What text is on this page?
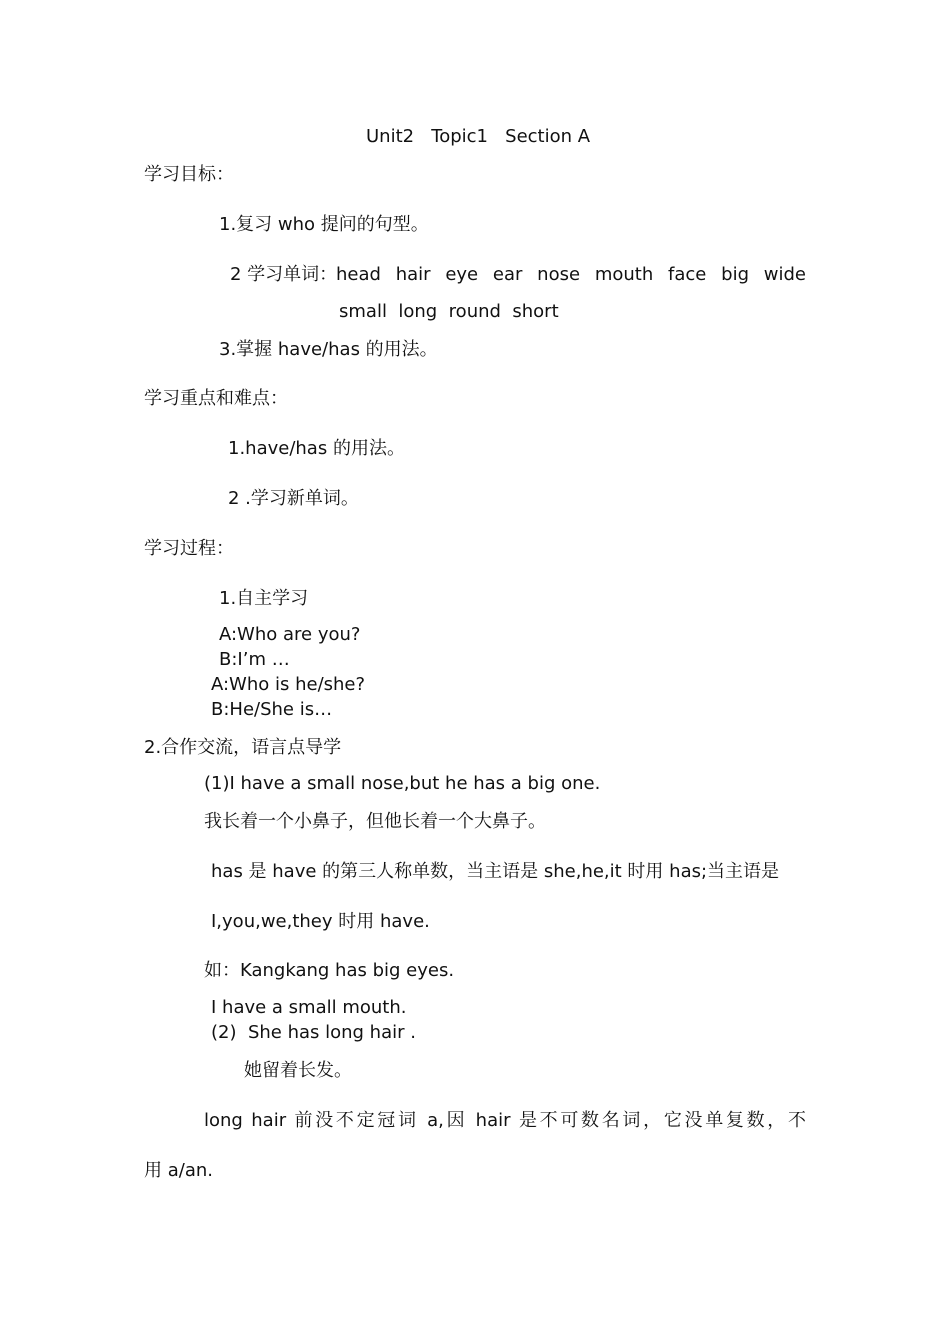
Unit2   Topic1   Section A
学习目标：
1.复习 who 提问的句型。
2 学习单词：
head hair eye ear nose mouth face big wide
small  long  round  short
3.掌握 have/has 的用法。
学习重点和难点：
1.have/has 的用法。
2 .学习新单词。
学习过程：
1.自主学习
A:Who are you?
B:I’m …
A:Who is he/she?
B:He/She is…
2.合作交流，语言点导学
(1)I have a small nose,but he has a big one.
我长着一个小鼻子，但他长着一个大鼻子。
has 是 have 的第三人称单数，当主语是 she,he,it 时用 has;当主语是
I,you,we,they 时用 have.
如：Kangkang has big eyes.
I have a small mouth.
(2)  She has long hair .
她留着长发。
long hair 前没不定冠词 a,因 hair 是不可数名词，它没单复数，不
用 a/an.
